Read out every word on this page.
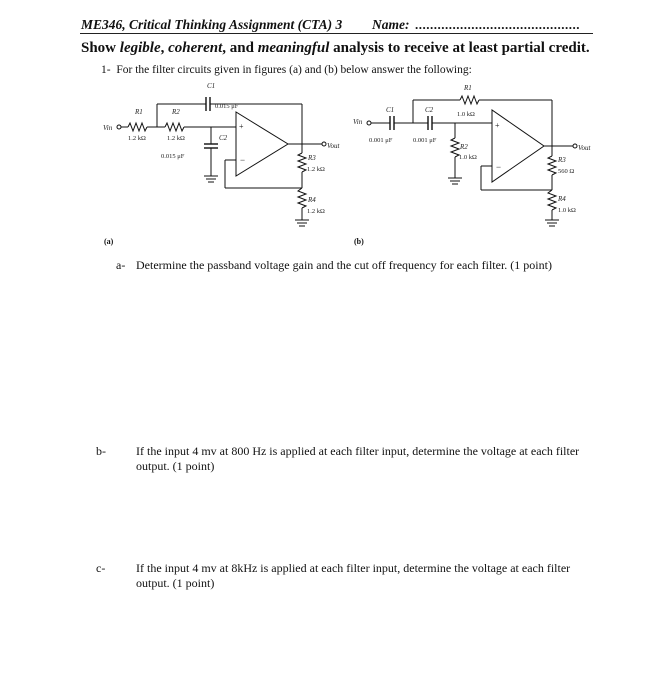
ME346, Critical Thinking Assignment (CTA) 3 Name: ............................................
Show legible, coherent, and meaningful analysis to receive at least partial credit.
1- For the filter circuits given in figures (a) and (b) below answer the following:
Vin	+
−
Vout
R1
1.2 kΩ
R2
1.2 kΩ
C1
0.015 μF
C2
0.015 μF	R3
1.2 kΩ
R4
1.2 kΩ
Vin	+
−
Vout
C1
0.001 μF
C2
0.001 μF
R1
1.0 kΩ
R2
1.0 kΩ	R3
560 Ω
R4
1.0 kΩ
(a)	(b)
a- Determine the passband voltage gain and the cut off frequency for each filter. (1 point)
b-	If the input 4 mv at 800 Hz is applied at each filter input, determine the voltage at each filter output. (1 point)
c-	If the input 4 mv at 8kHz is applied at each filter input, determine the voltage at each filter output. (1 point)
